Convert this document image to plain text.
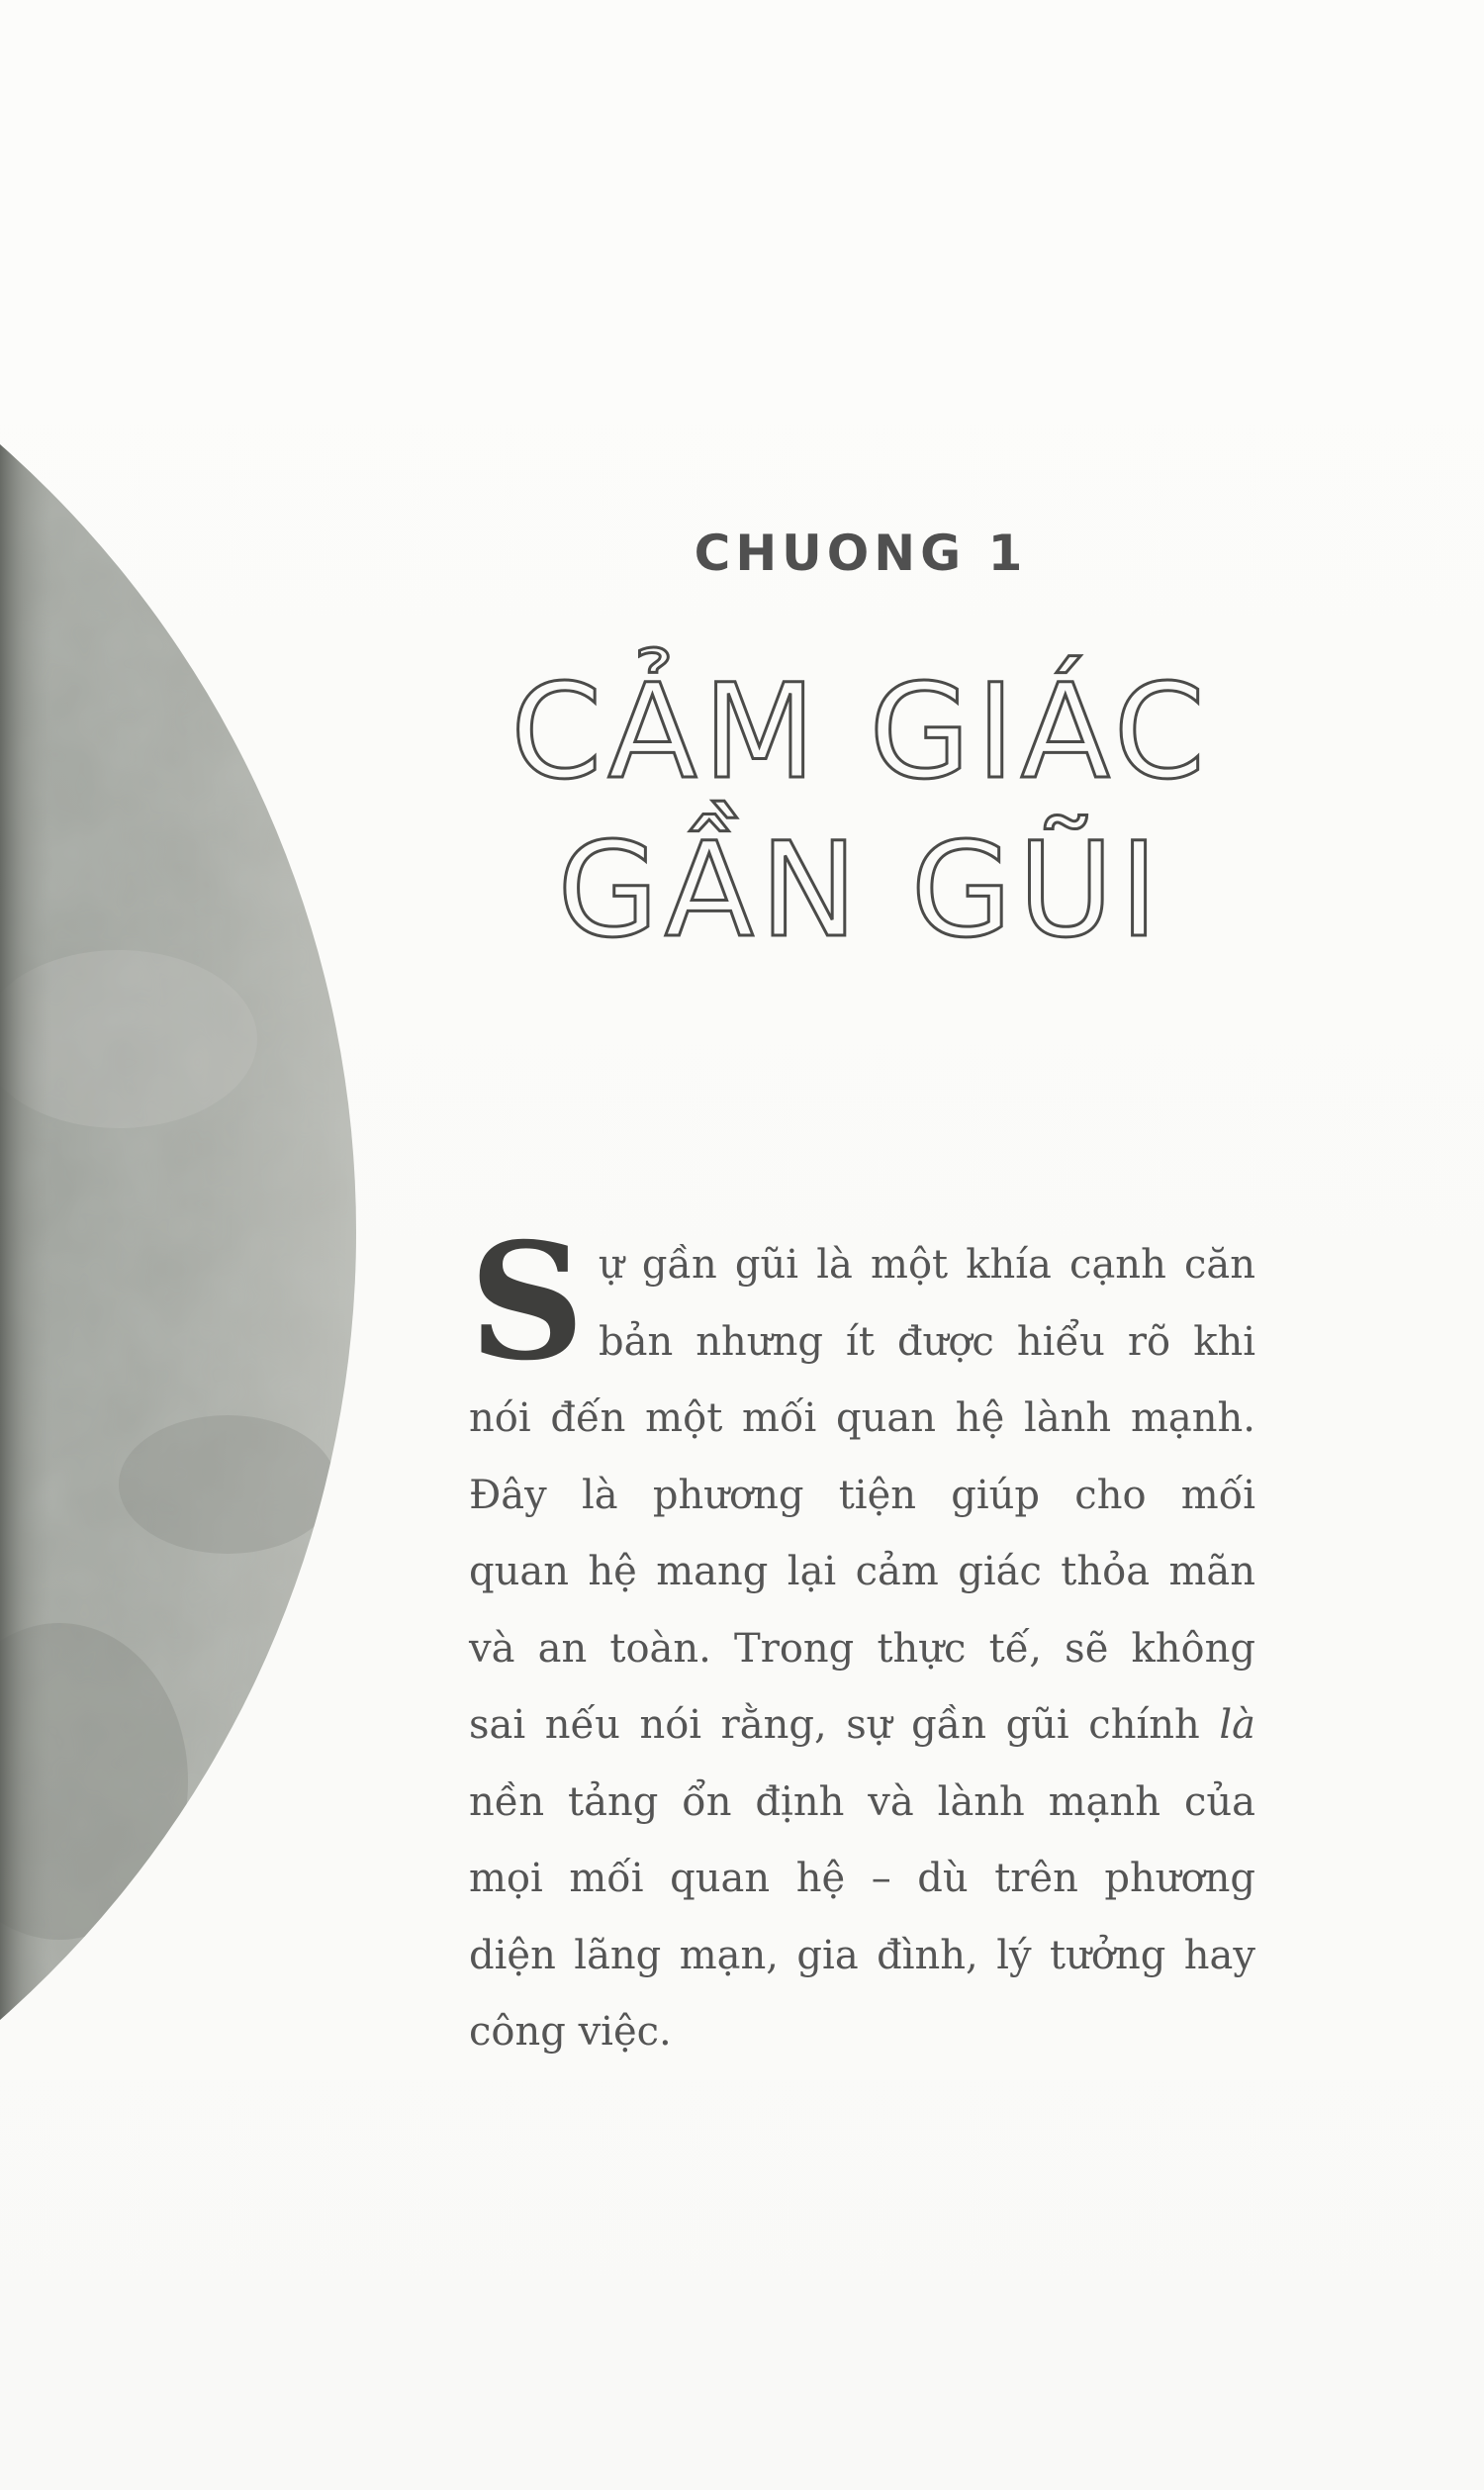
CHUONG 1
CẢM GIÁC
GẦN GŨI
S ự gần gũi là một khía cạnh căn
bản nhưng ít được hiểu rõ khi
nói đến một mối quan hệ lành mạnh.
Đây là phương tiện giúp cho mối
quan hệ mang lại cảm giác thỏa mãn
và an toàn. Trong thực tế, sẽ không
sai nếu nói rằng, sự gần gũi chính là
nền tảng ổn định và lành mạnh của
mọi mối quan hệ – dù trên phương
diện lãng mạn, gia đình, lý tưởng hay
công việc.
